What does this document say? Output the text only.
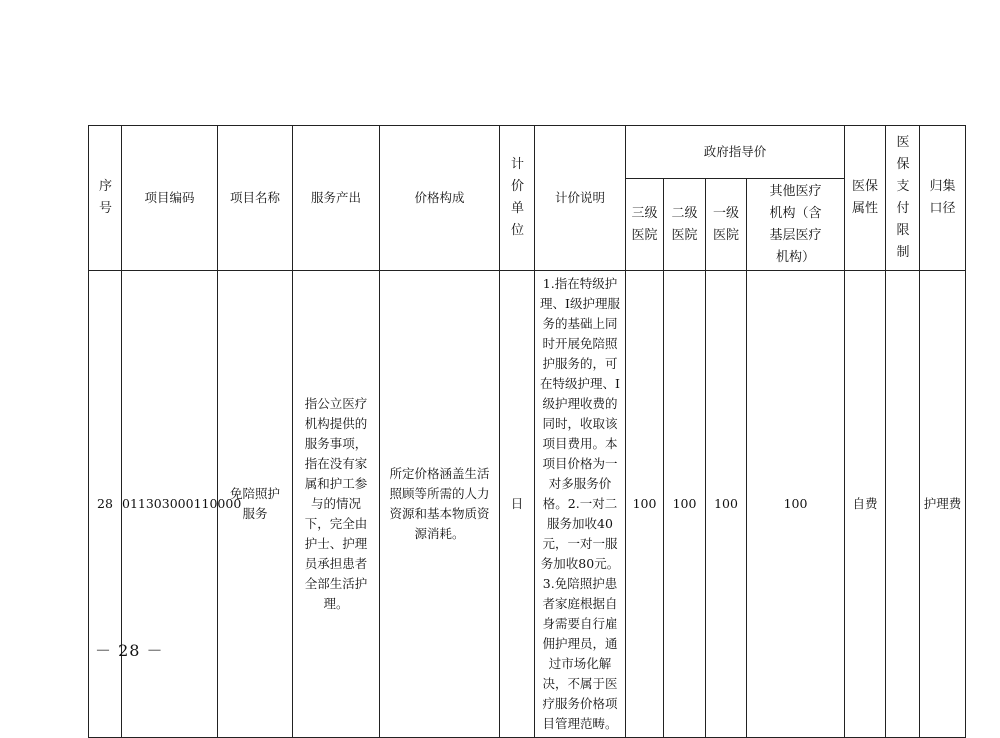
序号	项目编码	项目名称	服务产出	价格构成	计价单位	计价说明	政府指导价				医保属性	医保支付限制	归集口径

							三级医院	二级医院	一级医院	其他医疗机构（含基层医疗机构）			

28	011303000110000	免陪照护服务	指公立医疗机构提供的服务事项，指在没有家属和护工参与的情况下，完全由护士、护理员承担患者全部生活护理。	所定价格涵盖生活照顾等所需的人力资源和基本物质资源消耗。	日	1.指在特级护理、Ⅰ级护理服务的基础上同时开展免陪照护服务的，可在特级护理、Ⅰ级护理收费的同时，收取该项目费用。本项目价格为一对多服务价格。2.一对二服务加收40元，一对一服务加收80元。3.免陪照护患者家庭根据自身需要自行雇佣护理员，通过市场化解决，不属于医疗服务价格项目管理范畴。	100	100	100	100	自费		护理费
－ 28 －
